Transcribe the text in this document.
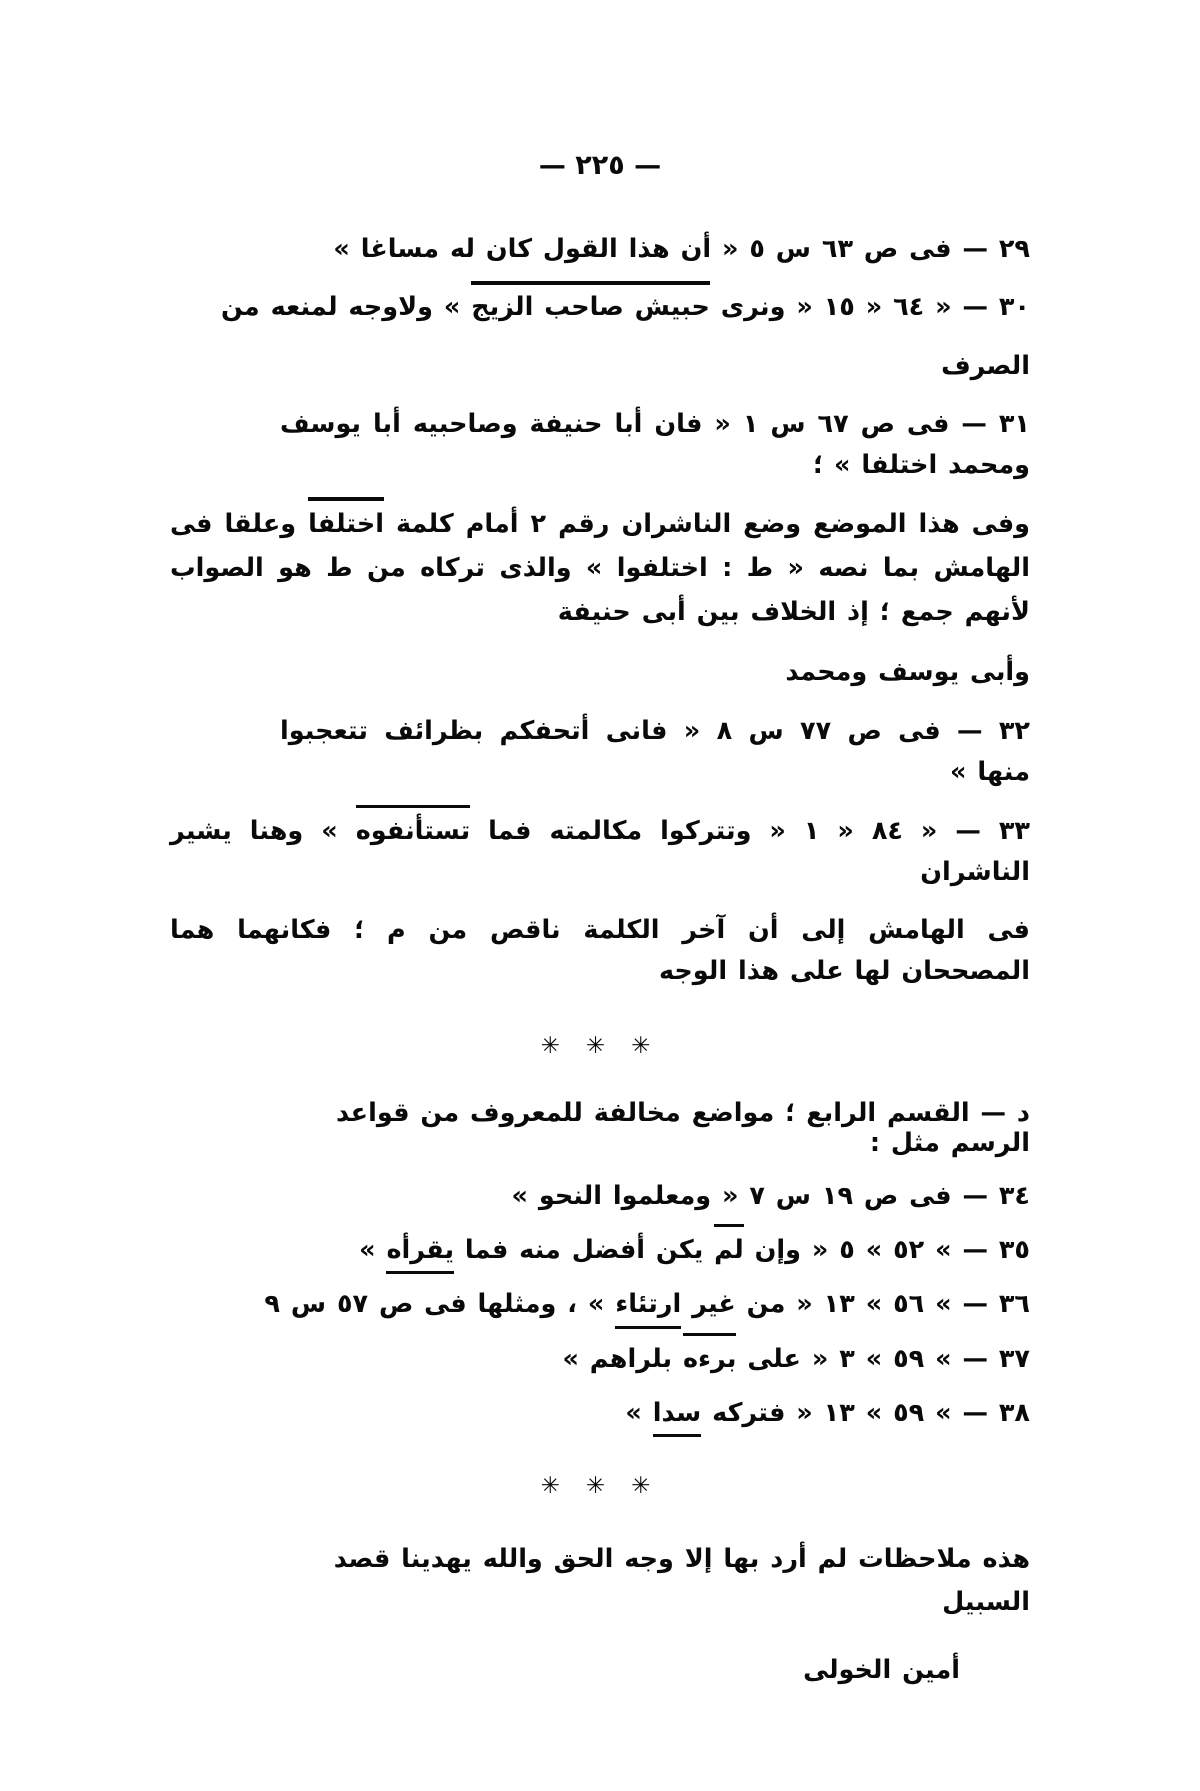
— ٢٢٥ —
٢٩ — فى ص ٦٣ س ٥ « أن هذا القول كان له مساغا »
٣٠ — « ٦٤ « ١٥ « ونرى حبيش صاحب الزيج » ولاوجه لمنعه من
الصرف
٣١ — فى ص ٦٧ س ١ « فان أبا حنيفة وصاحبيه أبا يوسف ومحمد اختلفا » ؛
وفى هذا الموضع وضع الناشران رقم ٢ أمام كلمة اختلفا وعلقا فى الهامش بما نصه « ط : اختلفوا » والذى تركاه من ط هو الصواب لأنهم جمع ؛ إذ الخلاف بين أبى حنيفة
وأبى يوسف ومحمد
٣٢ — فى ص ٧٧ س ٨ « فانى أتحفكم بظرائف تتعجبوا منها »
٣٣ — « ٨٤ « ١ « وتتركوا مكالمته فما تستأنفوه » وهنا يشير الناشران
فى الهامش إلى أن آخر الكلمة ناقص من م ؛ فكانهما هما المصححان لها على هذا الوجه
✳ ✳ ✳
د — القسم الرابع ؛ مواضع مخالفة للمعروف من قواعد الرسم مثل :
٣٤ — فى ص ١٩ س ٧ « ومعلموا النحو »
٣٥ — » ٥٢ » ٥ « وإن لم يكن أفضل منه فما يقرأه »
٣٦ — » ٥٦ » ١٣ « من غير ارتئاء » ، ومثلها فى ص ٥٧ س ٩
٣٧ — » ٥٩ » ٣ « على برءه بلراهم »
٣٨ — » ٥٩ » ١٣ « فتركه سدا »
✳ ✳ ✳
هذه ملاحظات لم أرد بها إلا وجه الحق والله يهدينا قصد السبيل
أمين الخولى
